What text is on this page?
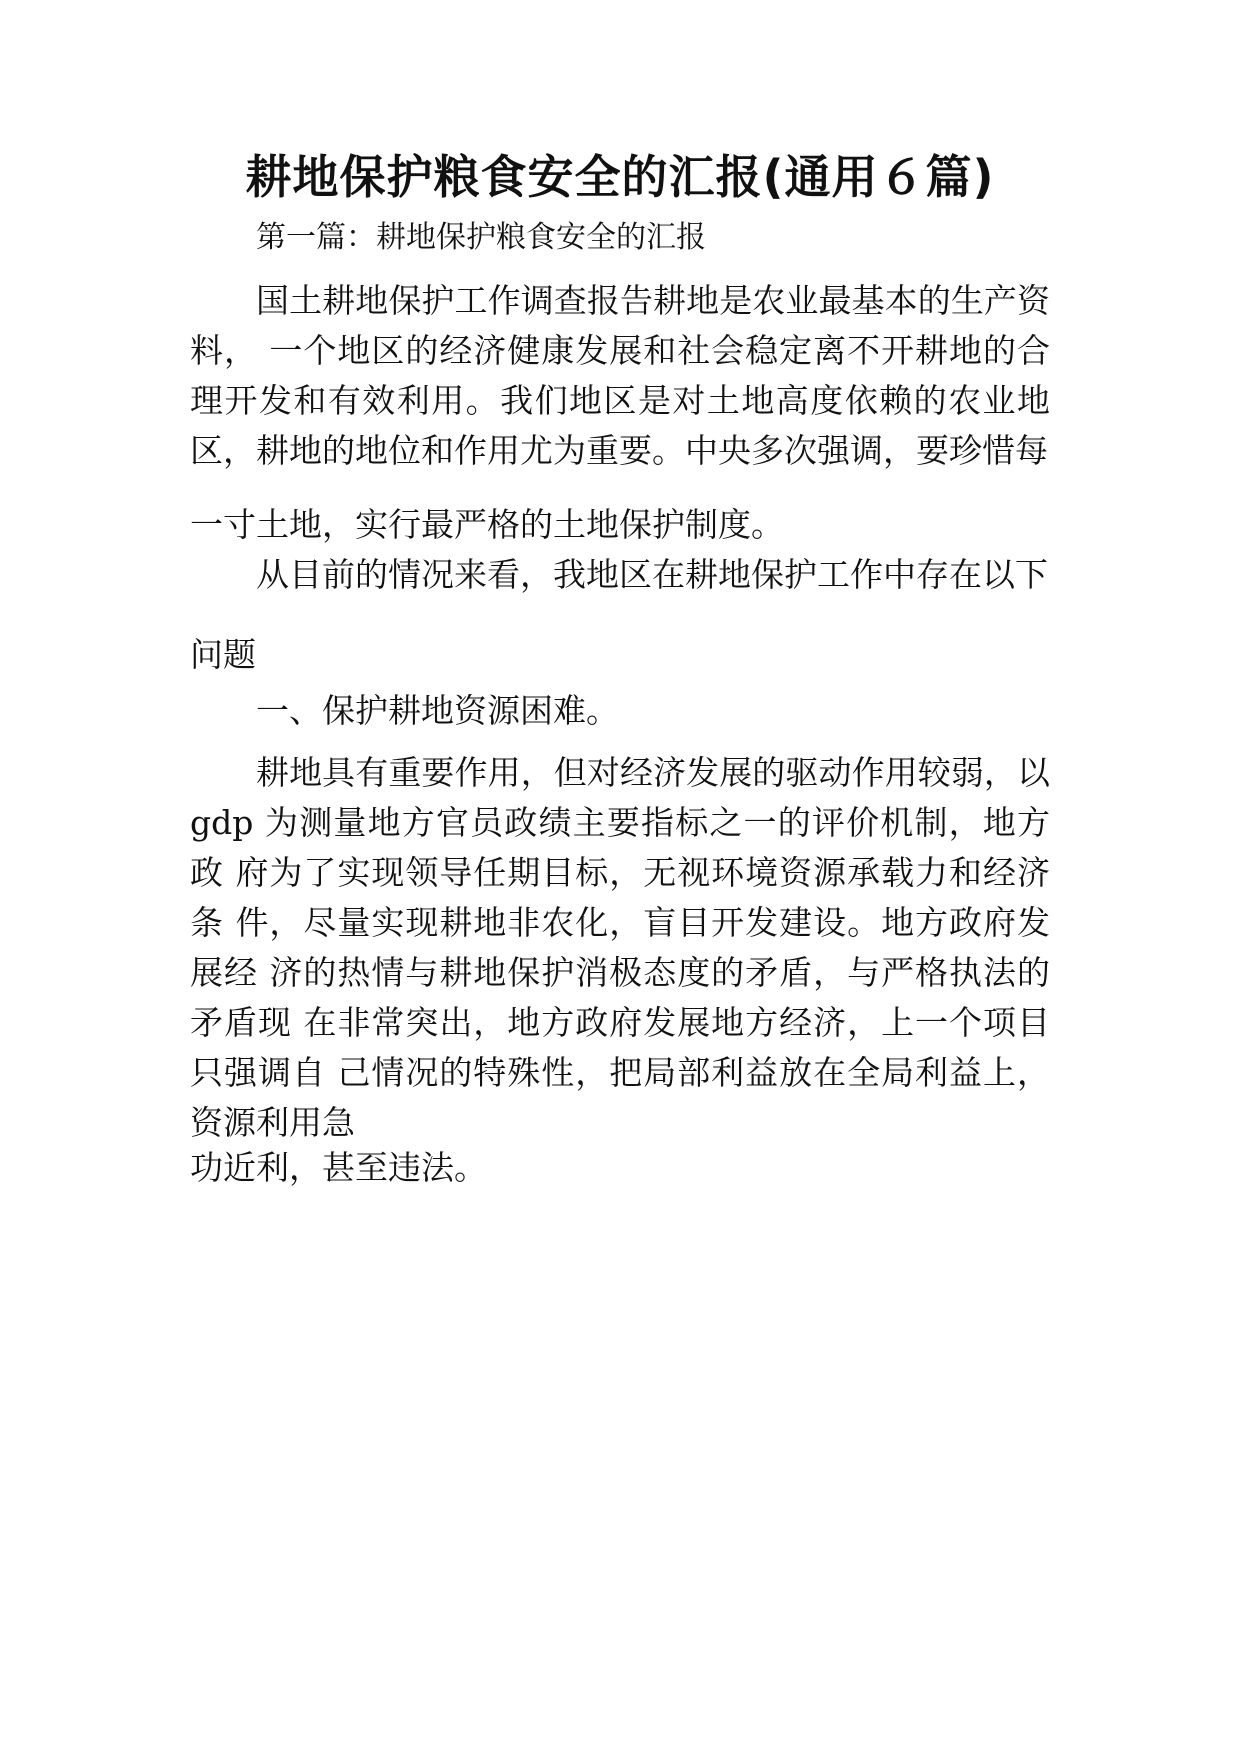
耕地保护粮食安全的汇报(通用６篇)

第一篇：耕地保护粮食安全的汇报

国土耕地保护工作调查报告耕地是农业最基本的生产资料， 一个地区的经济健康发展和社会稳定离不开耕地的合理开发和有效利用。我们地区是对土地高度依赖的农业地区，耕地的地位和作用尤为重要。中央多次强调，要珍惜每

一寸土地，实行最严格的土地保护制度。

从目前的情况来看，我地区在耕地保护工作中存在以下

问题

一、保护耕地资源困难。

耕地具有重要作用，但对经济发展的驱动作用较弱，以 gdp 为测量地方官员政绩主要指标之一的评价机制，地方政 府为了实现领导任期目标，无视环境资源承载力和经济条 件，尽量实现耕地非农化，盲目开发建设。地方政府发展经 济的热情与耕地保护消极态度的矛盾，与严格执法的矛盾现 在非常突出，地方政府发展地方经济，上一个项目只强调自 己情况的特殊性，把局部利益放在全局利益上，资源利用急

功近利，甚至违法。
